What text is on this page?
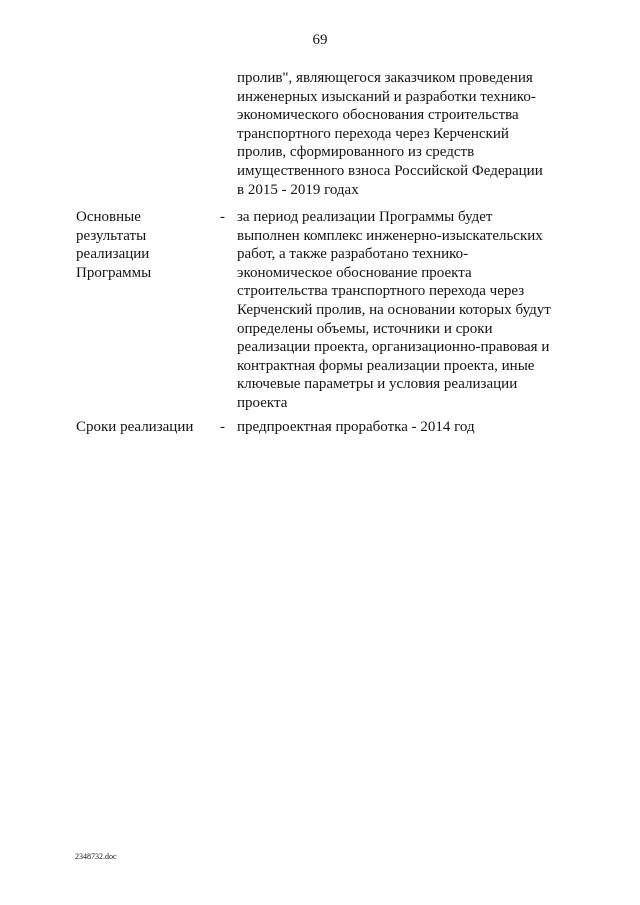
69
пролив", являющегося заказчиком проведения
инженерных изысканий и разработки технико-
экономического обоснования строительства
транспортного перехода через Керченский
пролив, сформированного из средств
имущественного взноса Российской Федерации
в 2015 - 2019 годах
Основные
результаты
реализации
Программы
- за период реализации Программы будет
выполнен комплекс инженерно-изыскательских
работ, а также разработано технико-
экономическое обоснование проекта
строительства транспортного перехода через
Керченский пролив, на основании которых будут
определены объемы, источники и сроки
реализации проекта, организационно-правовая и
контрактная формы реализации проекта, иные
ключевые параметры и условия реализации
проекта
Сроки реализации	- предпроектная проработка - 2014 год
2348732.doc
